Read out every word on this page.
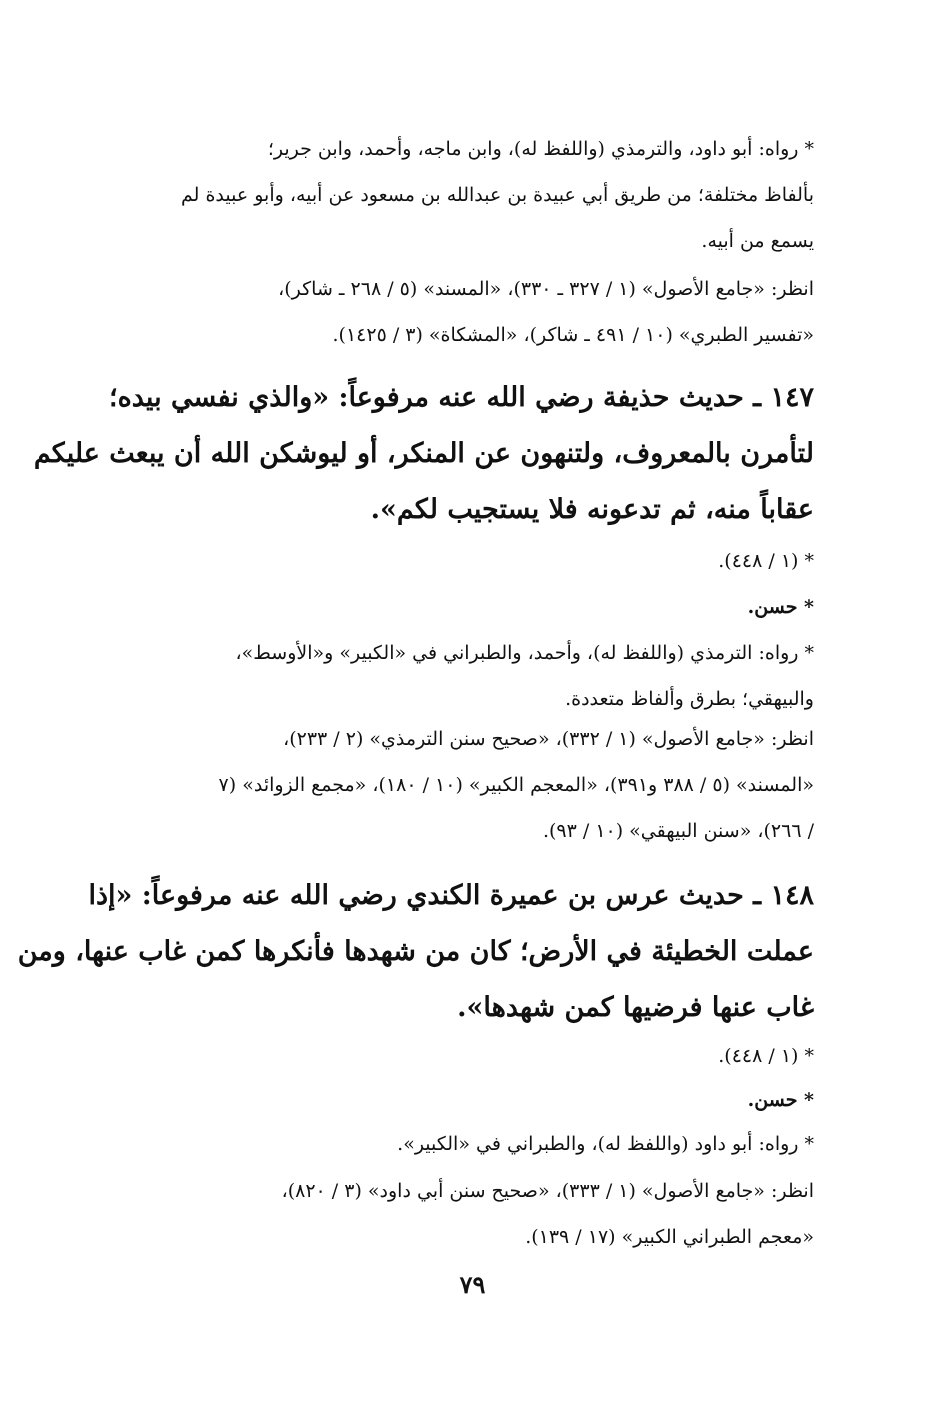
* رواه: أبو داود، والترمذي (واللفظ له)، وابن ماجه، وأحمد، وابن جرير؛
بألفاظ مختلفة؛ من طريق أبي عبيدة بن عبدالله بن مسعود عن أبيه، وأبو عبيدة لم
يسمع من أبيه.
انظر: «جامع الأصول» (١ / ٣٢٧ ـ ٣٣٠)، «المسند» (٥ / ٢٦٨ ـ شاكر)،
«تفسير الطبري» (١٠ / ٤٩١ ـ شاكر)، «المشكاة» (٣ / ١٤٢٥).
١٤٧ ـ حديث حذيفة رضي الله عنه مرفوعاً: «والذي نفسي بيده؛
لتأمرن بالمعروف، ولتنهون عن المنكر، أو ليوشكن الله أن يبعث عليكم
عقاباً منه، ثم تدعونه فلا يستجيب لكم».
* (١ / ٤٤٨).
* حسن.
* رواه: الترمذي (واللفظ له)، وأحمد، والطبراني في «الكبير» و«الأوسط»،
والبيهقي؛ بطرق وألفاظ متعددة.
انظر: «جامع الأصول» (١ / ٣٣٢)، «صحيح سنن الترمذي» (٢ / ٢٣٣)،
«المسند» (٥ / ٣٨٨ و٣٩١)، «المعجم الكبير» (١٠ / ١٨٠)، «مجمع الزوائد» (٧
/ ٢٦٦)، «سنن البيهقي» (١٠ / ٩٣).
١٤٨ ـ حديث عرس بن عميرة الكندي رضي الله عنه مرفوعاً: «إذا
عملت الخطيئة في الأرض؛ كان من شهدها فأنكرها كمن غاب عنها، ومن
غاب عنها فرضيها كمن شهدها».
* (١ / ٤٤٨).
* حسن.
* رواه: أبو داود (واللفظ له)، والطبراني في «الكبير».
انظر: «جامع الأصول» (١ / ٣٣٣)، «صحيح سنن أبي داود» (٣ / ٨٢٠)،
«معجم الطبراني الكبير» (١٧ / ١٣٩).
٧٩
